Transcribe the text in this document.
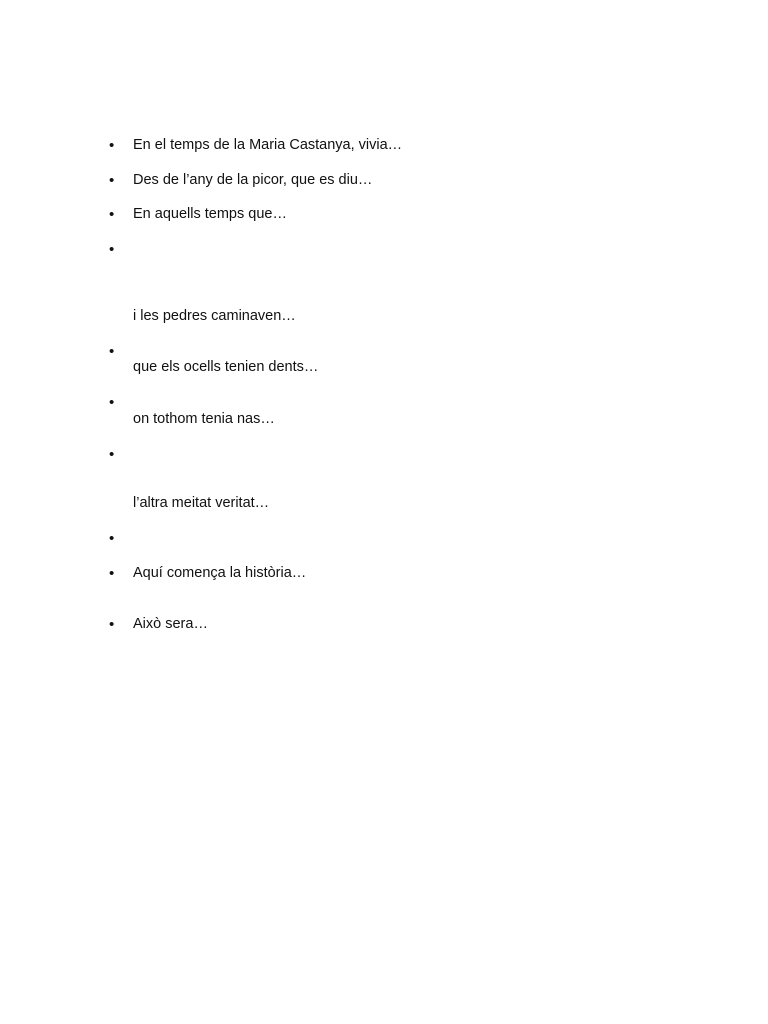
•
•
•
•
•
•
•
•
•
•
En el temps de la Maria Castanya, vivia…
Des de l’any de la picor, que es diu…
En aquells temps que…
i les pedres caminaven…
que els ocells tenien dents…
on tothom tenia nas…
l’altra meitat veritat…
Aquí comença la història…
Això sera…
